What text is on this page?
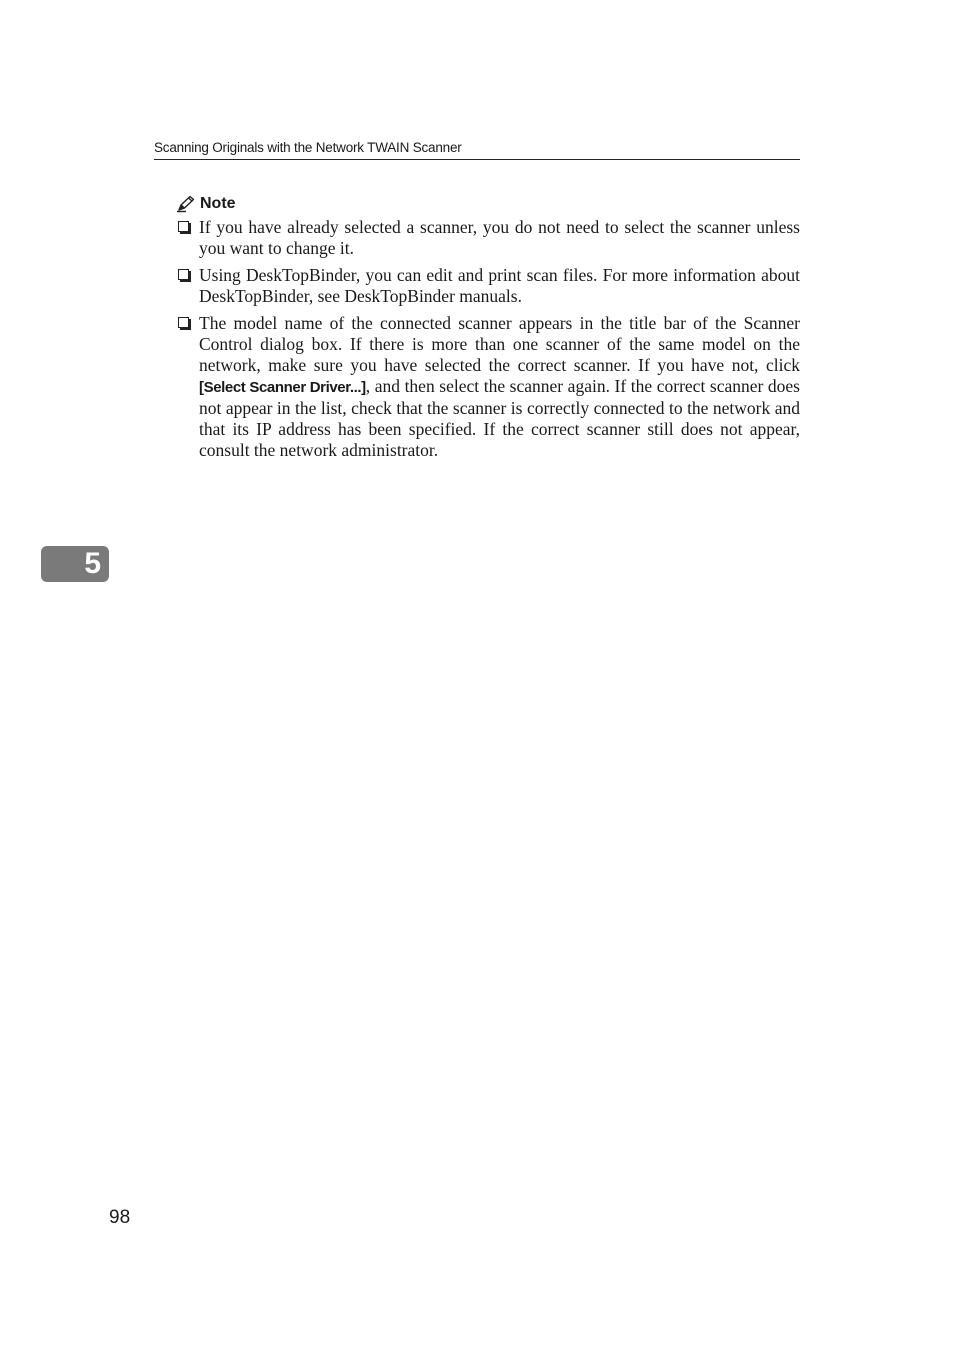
Scanning Originals with the Network TWAIN Scanner
Note
If you have already selected a scanner, you do not need to select the scanner unless you want to change it.
Using DeskTopBinder, you can edit and print scan files. For more information about DeskTopBinder, see DeskTopBinder manuals.
The model name of the connected scanner appears in the title bar of the Scanner Control dialog box. If there is more than one scanner of the same model on the network, make sure you have selected the correct scanner. If you have not, click [Select Scanner Driver...], and then select the scanner again. If the correct scanner does not appear in the list, check that the scanner is correctly connected to the network and that its IP address has been specified. If the correct scanner still does not appear, consult the network administrator.
5
98
